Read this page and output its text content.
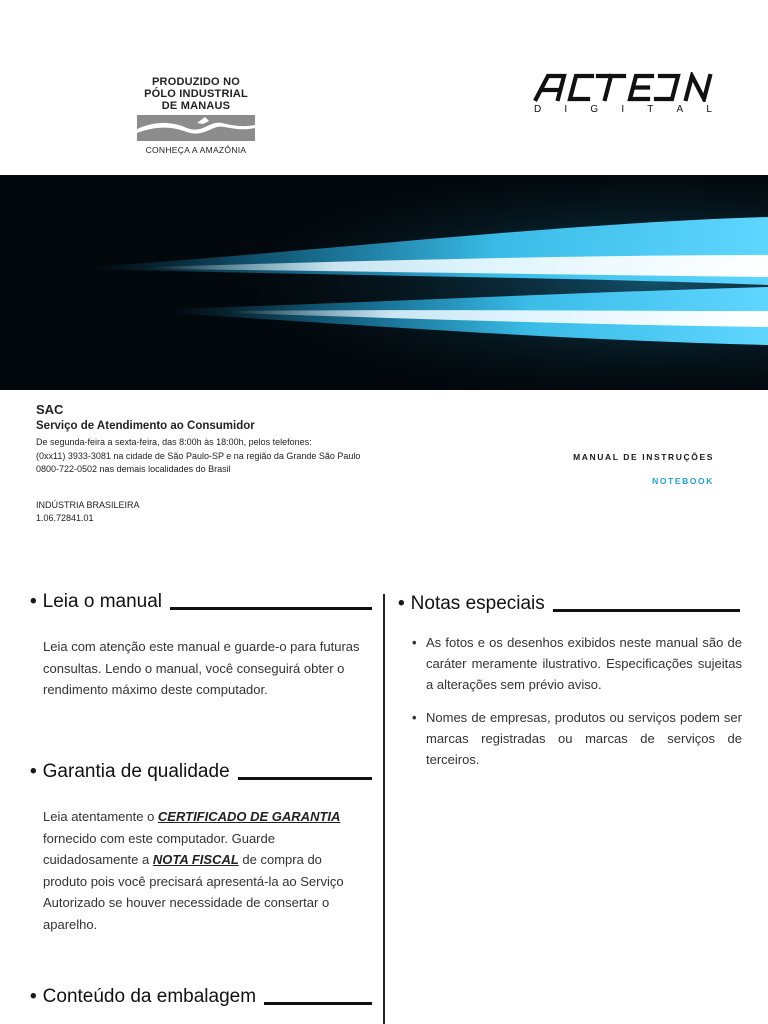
PRODUZIDO NO
PÓLO INDUSTRIAL
DE MANAUS
CONHEÇA A AMAZÔNIA
D I G I T A L
SAC
Serviço de Atendimento ao Consumidor
De segunda-feira a sexta-feira, das 8:00h às 18:00h, pelos telefones:
(0xx11) 3933-3081 na cidade de São Paulo-SP e na região da Grande São Paulo
0800-722-0502 nas demais localidades do Brasil
INDÚSTRIA BRASILEIRA
1.06.72841.01
MANUAL DE INSTRUÇÕES
NOTEBOOK
• Leia o manual
Leia com atenção este manual e guarde-o para futuras consultas. Lendo o manual, você conseguirá obter o rendimento máximo deste computador.
• Garantia de qualidade
Leia atentamente o CERTIFICADO DE GARANTIA fornecido com este computador. Guarde cuidadosamente a NOTA FISCAL de compra do produto pois você precisará apresentá-la ao Serviço Autorizado se houver necessidade de consertar o aparelho.
• Conteúdo da embalagem
• Notas especiais
• As fotos e os desenhos exibidos neste manual são de caráter meramente ilustrativo. Especificações sujeitas a alterações sem prévio aviso.
• Nomes de empresas, produtos ou serviços podem ser marcas registradas ou marcas de serviços de terceiros.
